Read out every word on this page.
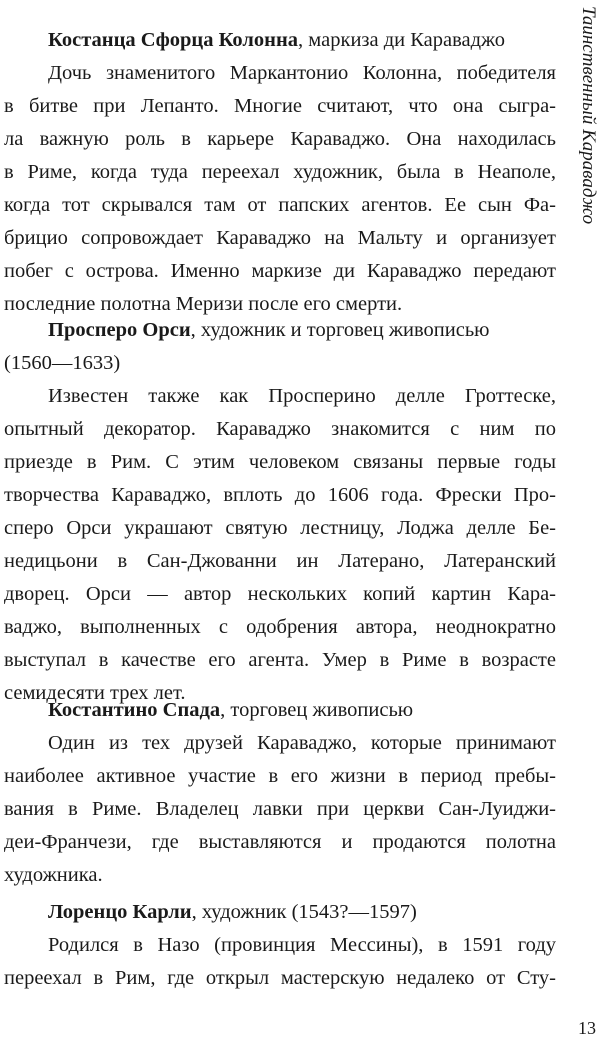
Костанца Сфорца Колонна, маркиза ди Караваджо
Дочь знаменитого Маркантонио Колонна, победителя
в битве при Лепанто. Многие считают, что она сыгра-
ла важную роль в карьере Караваджо. Она находилась
в Риме, когда туда переехал художник, была в Неаполе,
когда тот скрывался там от папских агентов. Ее сын Фа-
брицио сопровождает Караваджо на Мальту и организует
побег с острова. Именно маркизе ди Караваджо передают
последние полотна Меризи после его смерти.
Просперо Орси, художник и торговец живописью
(1560—1633)
Известен также как Просперино делле Гроттеске,
опытный декоратор. Караваджо знакомится с ним по
приезде в Рим. С этим человеком связаны первые годы
творчества Караваджо, вплоть до 1606 года. Фрески Про-
сперо Орси украшают святую лестницу, Лоджа делле Бе-
недицьони в Сан-Джованни ин Латерано, Латеранский
дворец. Орси — автор нескольких копий картин Кара-
ваджо, выполненных с одобрения автора, неоднократно
выступал в качестве его агента. Умер в Риме в возрасте
семидесяти трех лет.
Костантино Спада, торговец живописью
Один из тех друзей Караваджо, которые принимают
наиболее активное участие в его жизни в период пребы-
вания в Риме. Владелец лавки при церкви Сан-Луиджи-
деи-Франчези, где выставляются и продаются полотна
художника.
Лоренцо Карли, художник (1543?—1597)
Родился в Назо (провинция Мессины), в 1591 году
переехал в Рим, где открыл мастерскую недалеко от Сту-
Таинственный Караваджо
13
